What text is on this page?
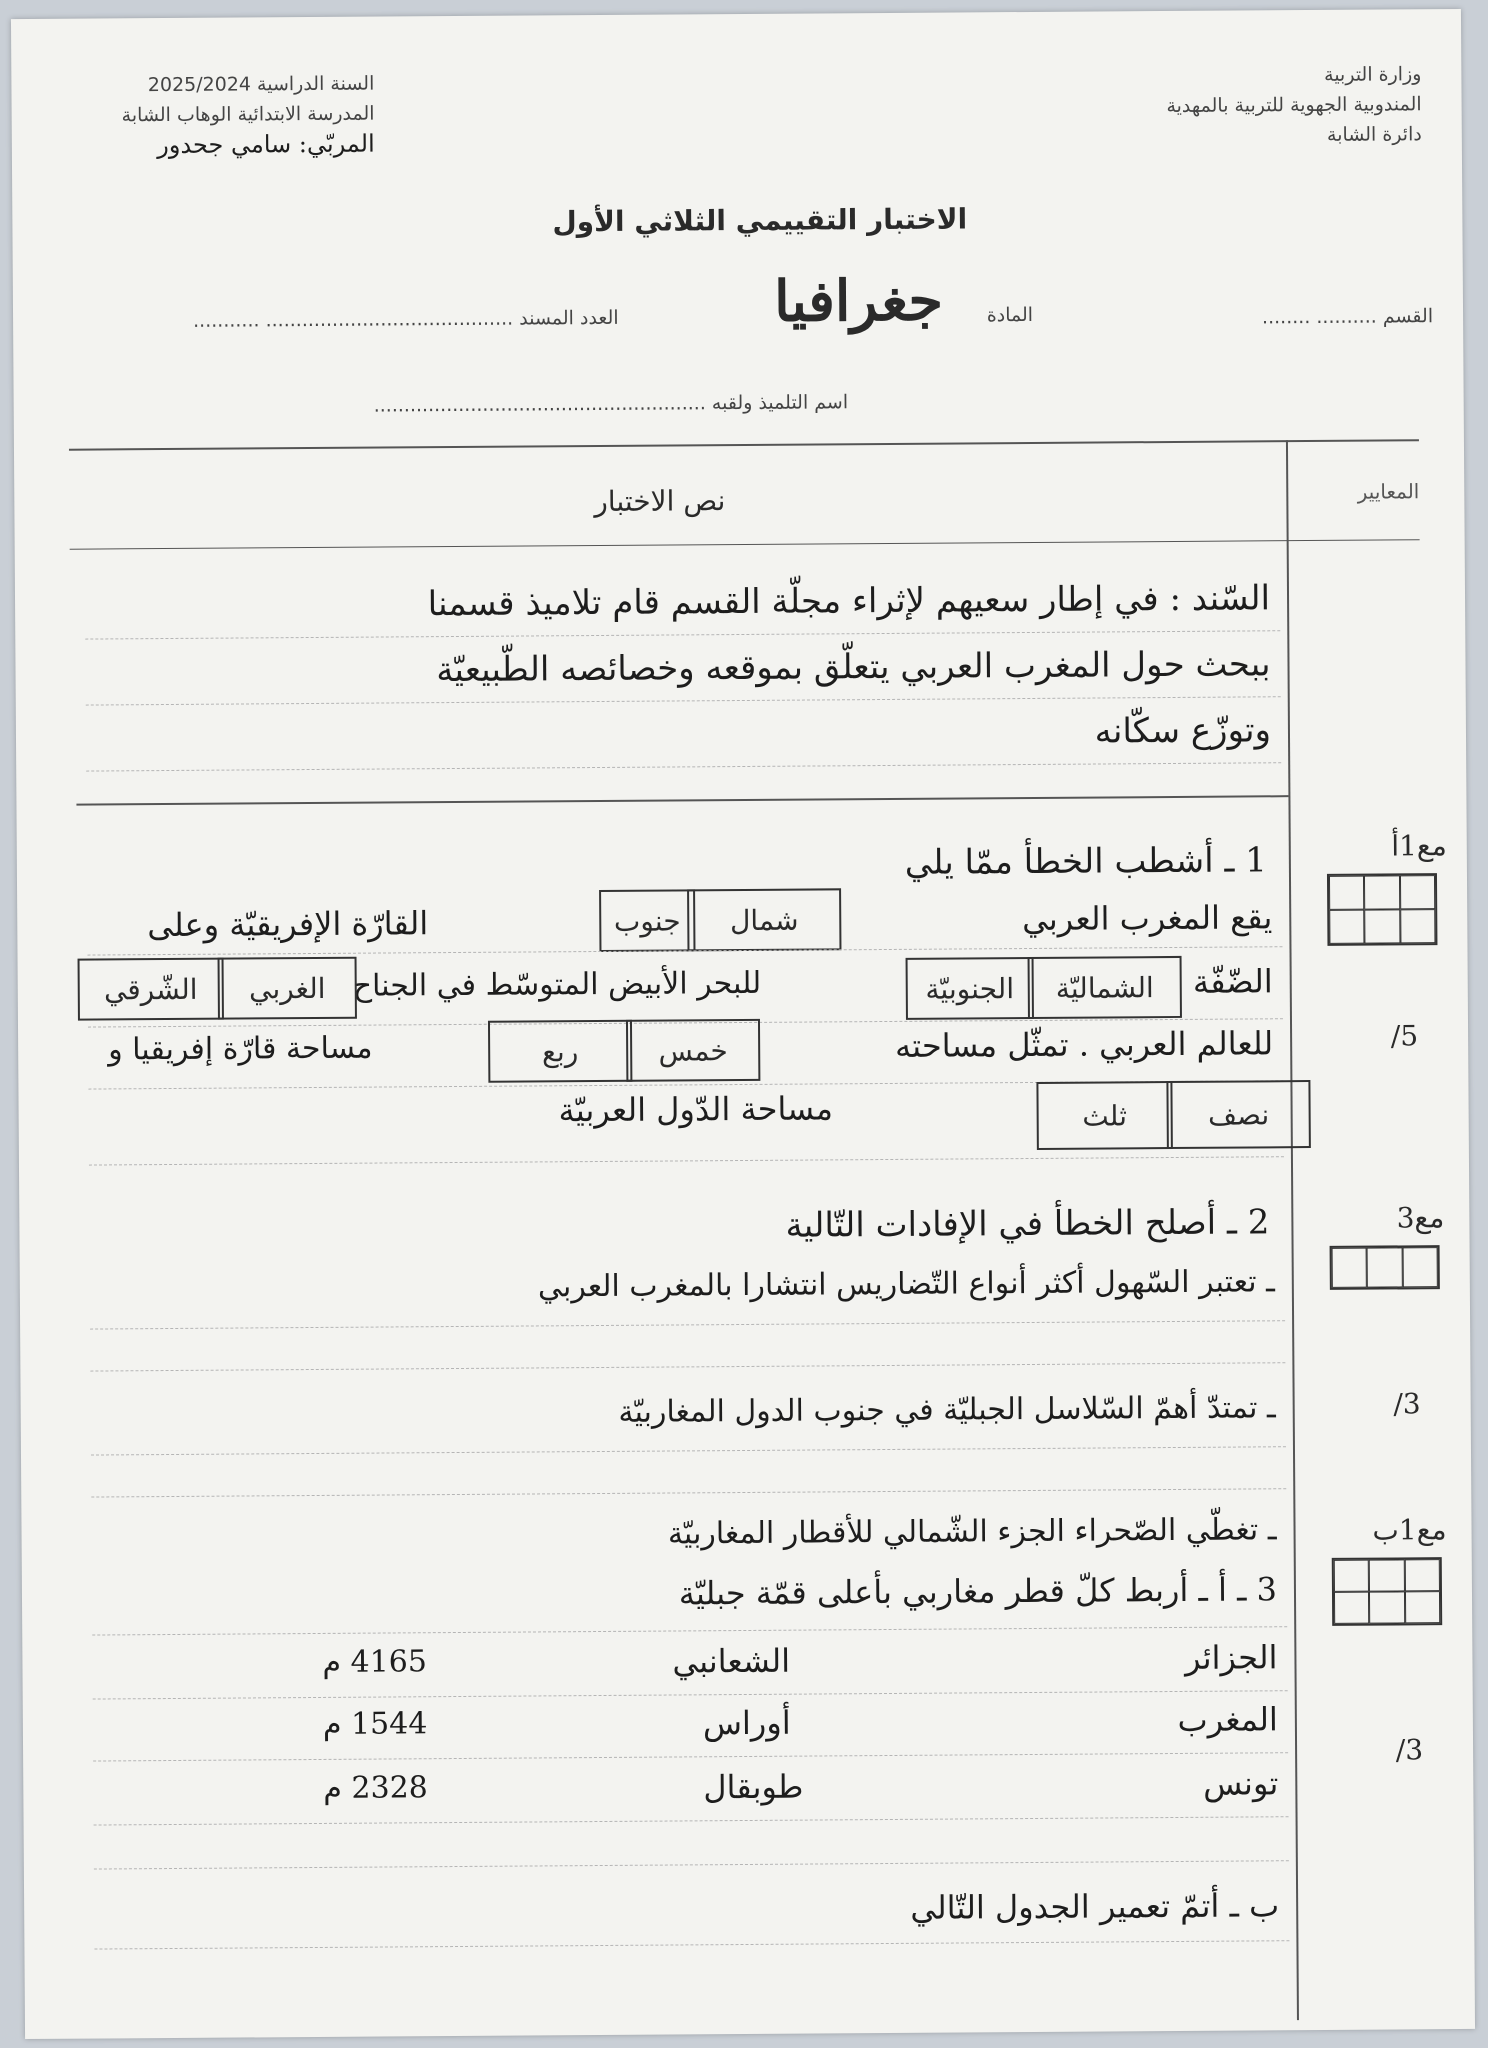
وزارة التربية
المندوبية الجهوية للتربية بالمهدية
دائرة الشابة
السنة الدراسية 2025/2024
المدرسة الابتدائية الوهاب الشابة
المربّي: سامي جحدور
الاختبار التقييمي الثلاثي الأول
القسم .......... ........
المادة
جغرافيا
العدد المسند ......................................... ...........
اسم التلميذ ولقبه .......................................................
المعايير
نص الاختبار
السّند : في إطار سعيهم لإثراء مجلّة القسم قام تلاميذ قسمنا
ببحث حول المغرب العربي يتعلّق بموقعه وخصائصه الطّبيعيّة
وتوزّع سكّانه
مع1أ
/5
1 ـ أشطب الخطأ ممّا يلي
يقع المغرب العربي
شمال
جنوب
القارّة الإفريقيّة وعلى
الضّفّة
الشماليّة
الجنوبيّة
للبحر الأبيض المتوسّط في الجناح
الغربي
الشّرقي
للعالم العربي . تمثّل مساحته
خمس
ربع
مساحة قارّة إفريقيا و
نصف
ثلث
مساحة الدّول العربيّة
مع3
2 ـ أصلح الخطأ في الإفادات التّالية
ـ تعتبر السّهول أكثر أنواع التّضاريس انتشارا بالمغرب العربي
ـ تمتدّ أهمّ السّلاسل الجبليّة في جنوب الدول المغاربيّة	/3
ـ تغطّي الصّحراء الجزء الشّمالي للأقطار المغاربيّة	مع1ب
3 ـ أ ـ أربط كلّ قطر مغاربي بأعلى قمّة جبليّة
الجزائر
الشعانبي
4165 م
المغرب
أوراس
1544 م
/3
تونس
طوبقال
2328 م
ب ـ أتمّ تعمير الجدول التّالي
